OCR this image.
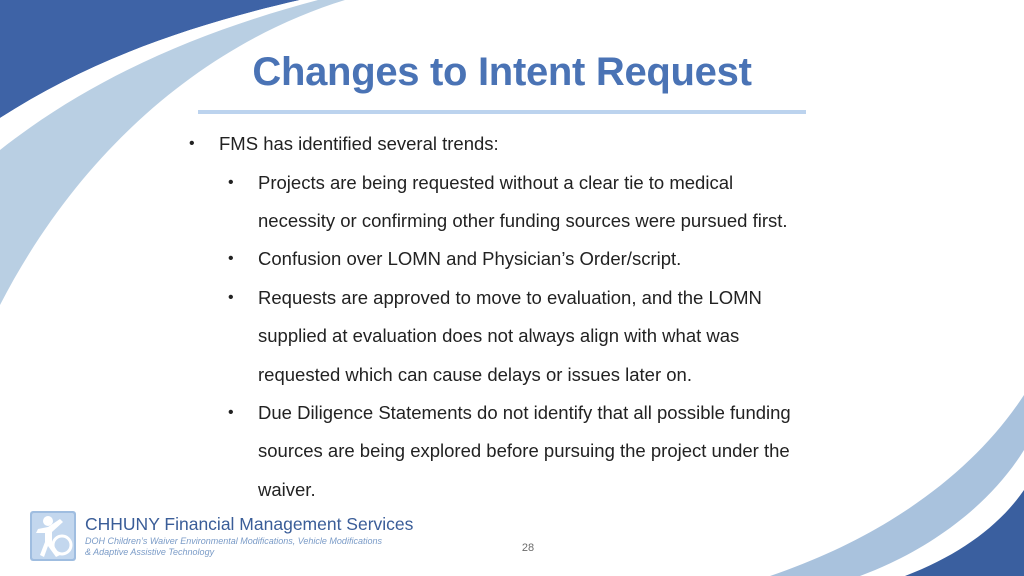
Changes to Intent Request
• FMS has identified several trends:
• Projects are being requested without a clear tie to medical
necessity or confirming other funding sources were pursued first.
• Confusion over LOMN and Physician’s Order/script.
• Requests are approved to move to evaluation, and the LOMN
supplied at evaluation does not always align with what was
requested which can cause delays or issues later on.
• Due Diligence Statements do not identify that all possible funding
sources are being explored before pursuing the project under the
waiver.
CHHUNY Financial Management Services
DOH Children’s Waiver Environmental Modifications, Vehicle Modifications
& Adaptive Assistive Technology	28
